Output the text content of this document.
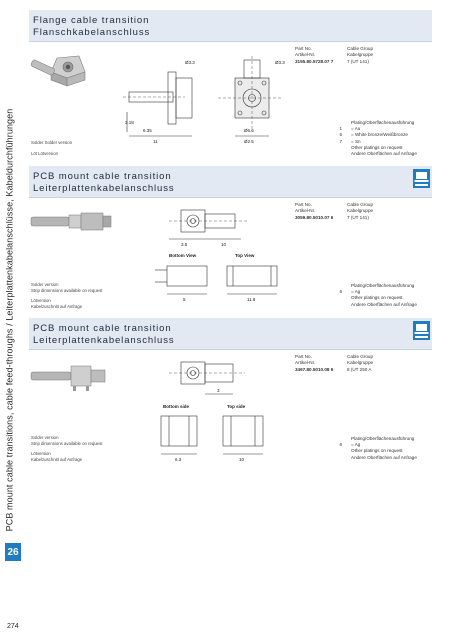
PCB mount cable transitions, cable feed-throughs / Leiterplattenkabelanschlüsse, Kabeldurchführungen
26
274
Flange cable transition
Flanschkabelanschluss
Ø3.3	Ø3.3
3.18
Ø6.6
11
6.35
Ø2.5
Part No.	Cable Group
Artikel-Nr.	Kabelgruppe
3155.80.5728.07 7	7 (UT 141)
Plating/Oberflächenausführung
1 = Au
5 = White bronze/Weißbronze
7 = Sn
Other platings on request
Andere Oberflächen auf Anfrage
Solder Solder version
Löt Lötversion
PCB mount cable transition
Leiterplattenkabelanschluss
Bottom View	Top View
3.5	10
5	11.8
Part No.	Cable Group
Artikel-Nr.	Kabelgruppe
3059.80.5010.07 6	7 (UT 141)
Plating/Oberflächenausführung
6 = Ag
Other platings on request
Andere Oberflächen auf Anfrage
Solder version
Strip dimensions available on request
Lötversion
Kabelzuschnitt auf Anfrage
PCB mount cable transition
Leiterplattenkabelanschluss
Bottom side	Top side
3
6.3	10
Part No.	Cable Group
Artikel-Nr.	Kabelgruppe
3467.80.5010.08 6	8 (UT 250 A
Plating/Oberflächenausführung
6 = Ag
Other platings on request
Andere Oberflächen auf Anfrage
Solder version
Strip dimensions available on request
Lötversion
Kabelzuschnitt auf Anfrage
